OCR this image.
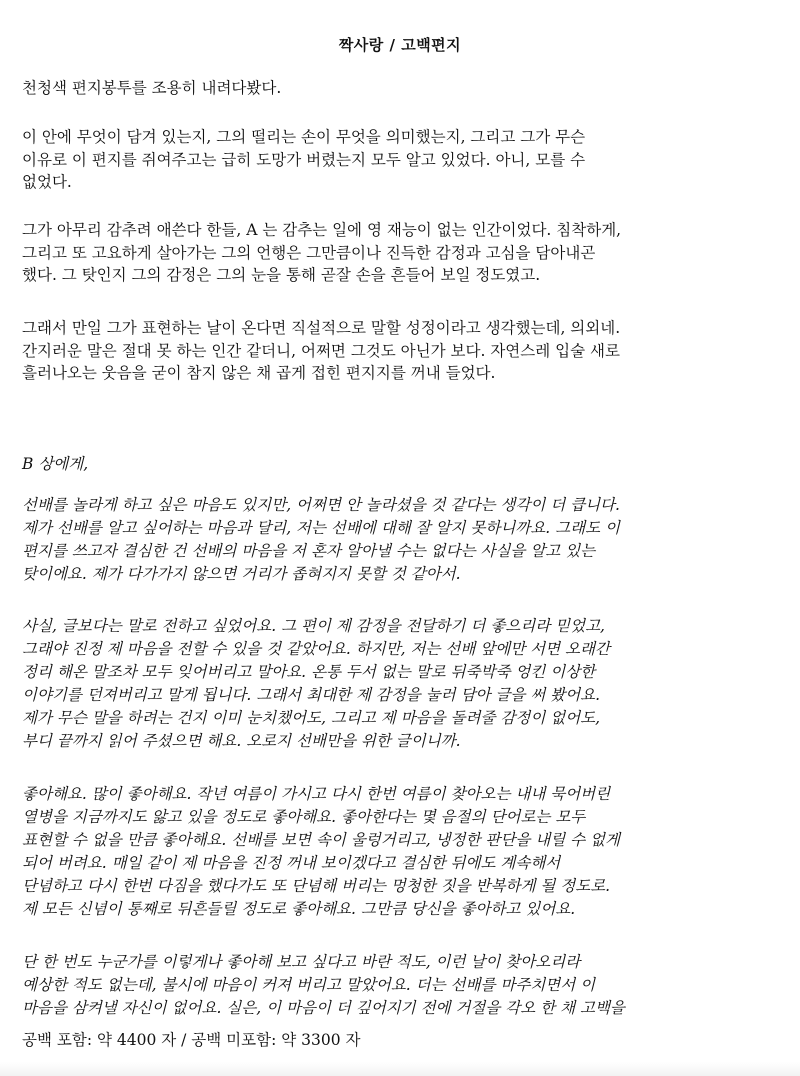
짝사랑 / 고백편지
천청색 편지봉투를 조용히 내려다봤다.
이 안에 무엇이 담겨 있는지, 그의 떨리는 손이 무엇을 의미했는지, 그리고 그가 무슨
이유로 이 편지를 쥐여주고는 급히 도망가 버렸는지 모두 알고 있었다. 아니, 모를 수
없었다.
그가 아무리 감추려 애쓴다 한들, A 는 감추는 일에 영 재능이 없는 인간이었다. 침착하게,
그리고 또 고요하게 살아가는 그의 언행은 그만큼이나 진득한 감정과 고심을 담아내곤
했다. 그 탓인지 그의 감정은 그의 눈을 통해 곧잘 손을 흔들어 보일 정도였고.
그래서 만일 그가 표현하는 날이 온다면 직설적으로 말할 성정이라고 생각했는데, 의외네.
간지러운 말은 절대 못 하는 인간 같더니, 어쩌면 그것도 아닌가 보다. 자연스레 입술 새로
흘러나오는 웃음을 굳이 참지 않은 채 곱게 접힌 편지지를 꺼내 들었다.
B 상에게,
선배를 놀라게 하고 싶은 마음도 있지만, 어쩌면 안 놀라셨을 것 같다는 생각이 더 큽니다.
제가 선배를 알고 싶어하는 마음과 달리, 저는 선배에 대해 잘 알지 못하니까요. 그래도 이
편지를 쓰고자 결심한 건 선배의 마음을 저 혼자 알아낼 수는 없다는 사실을 알고 있는
탓이에요. 제가 다가가지 않으면 거리가 좁혀지지 못할 것 같아서.
사실, 글보다는 말로 전하고 싶었어요. 그 편이 제 감정을 전달하기 더 좋으리라 믿었고,
그래야 진정 제 마음을 전할 수 있을 것 같았어요. 하지만, 저는 선배 앞에만 서면 오래간
정리 해온 말조차 모두 잊어버리고 말아요. 온통 두서 없는 말로 뒤죽박죽 엉킨 이상한
이야기를 던져버리고 말게 됩니다. 그래서 최대한 제 감정을 눌러 담아 글을 써 봤어요.
제가 무슨 말을 하려는 건지 이미 눈치챘어도, 그리고 제 마음을 돌려줄 감정이 없어도,
부디 끝까지 읽어 주셨으면 해요. 오로지 선배만을 위한 글이니까.
좋아해요. 많이 좋아해요. 작년 여름이 가시고 다시 한번 여름이 찾아오는 내내 묵어버린
열병을 지금까지도 앓고 있을 정도로 좋아해요. 좋아한다는 몇 음절의 단어로는 모두
표현할 수 없을 만큼 좋아해요. 선배를 보면 속이 울렁거리고, 냉정한 판단을 내릴 수 없게
되어 버려요. 매일 같이 제 마음을 진정 꺼내 보이겠다고 결심한 뒤에도 계속해서
단념하고 다시 한번 다짐을 했다가도 또 단념해 버리는 멍청한 짓을 반복하게 될 정도로.
제 모든 신념이 통째로 뒤흔들릴 정도로 좋아해요. 그만큼 당신을 좋아하고 있어요.
단 한 번도 누군가를 이렇게나 좋아해 보고 싶다고 바란 적도, 이런 날이 찾아오리라
예상한 적도 없는데, 불시에 마음이 커져 버리고 말았어요. 더는 선배를 마주치면서 이
마음을 삼켜낼 자신이 없어요. 실은, 이 마음이 더 깊어지기 전에 거절을 각오 한 채 고백을
공백 포함: 약 4400 자 / 공백 미포함: 약 3300 자
